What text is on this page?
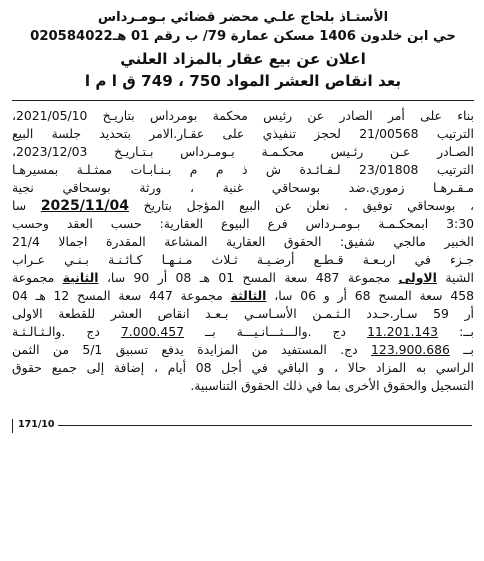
الأستـاذ بلحاج علـي محضر قضائي بـومـرداس
حي ابن خلدون 1406 مسكن عمارة 79/ ب رقم 01 هـ020584022
اعلان عن بيع عقار بالمزاد العلني
بعد انقاص العشر المواد 750 ، 749 ق ا م ا
بناء على أمر الصادر عن رئيس محكمة بومرداس بتاريـخ 2021/05/10،
الترتيب 21/00568 لحجز تنفيذي على عقـار.الامر بتحديد جلسة البيع
الصـادر عـن رئـيس محكـمـة بـومـرداس بـتـاريـخ 2023/12/03،
الترتيب 23/01808 لـفـائـدة ش ذ م م بـنـابـات ممثـلـة بمسيرهـا
مـقـرهـا زموري.ضد بوسحاقي غنية ، ورثة بوسحاقي نجية
، بوسحاقي توفيق . نعلن عن البيع المؤجل بتاريخ 2025/11/04 سا
3:30 ابمحكـمـة بـومـرداس فرع البيوع العقارية: حسب العقد وحسب
الخبير مالجي شفيق: الحقوق العقارية المشاعة المقدرة اجمالا 21/4
جـزء في اربـعـة قـطـع أرضـيـة ثـلاث مـنـهـا كـائـنـة بـنـي عـراب
الشية الاولى مجموعة 487 سعة المسح 01 هـ 08 أر 90 سا، الثانية مجموعة
458 سعة المسح 68 أر و 06 سا، الثالثة مجموعة 447 سعة المسح 12 هـ 04
أر 59 سـار.حـدد الـثـمـن الأسـاسـي بـعـد انقاص العشر للقطعة الاولى
بــ: 11.201.143 دج .والـــثـــانـيـــة بــ 7.000.457 دج .والـثـالـثـة
بــ 123.900.686 دج. المستفيد من المزايدة يدفع تسبيق 5/1 من الثمن
الراسي به المزاد حالا ، و الباقي في أجل 08 أيام ، إضافة إلى جميع حقوق
التسجيل والحقوق الأخرى بما في ذلك الحقوق التناسبية.
171/10
